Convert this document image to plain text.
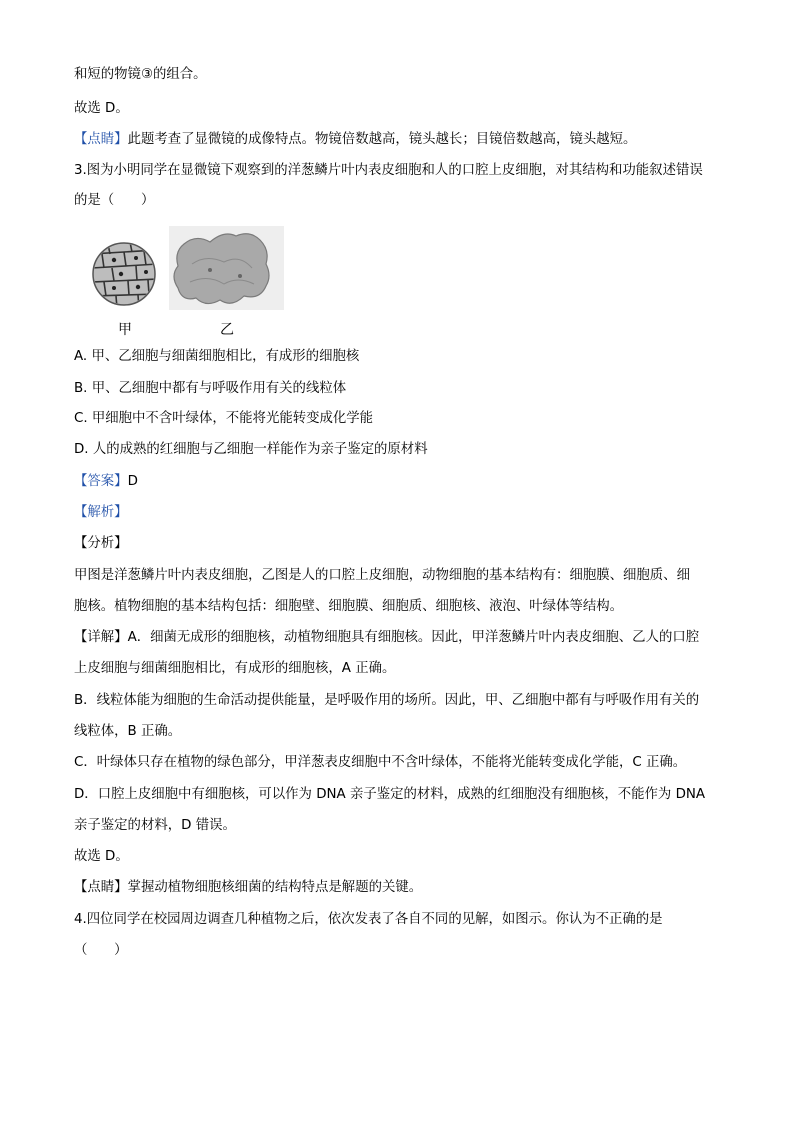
和短的物镜③的组合。
故选 D。
【点睛】此题考查了显微镜的成像特点。物镜倍数越高，镜头越长；目镜倍数越高，镜头越短。
3.图为小明同学在显微镜下观察到的洋葱鳞片叶内表皮细胞和人的口腔上皮细胞，对其结构和功能叙述错误
的是（　　）
甲	乙
A. 甲、乙细胞与细菌细胞相比，有成形的细胞核
B. 甲、乙细胞中都有与呼吸作用有关的线粒体
C. 甲细胞中不含叶绿体，不能将光能转变成化学能
D. 人的成熟的红细胞与乙细胞一样能作为亲子鉴定的原材料
【答案】D
【解析】
【分析】
甲图是洋葱鳞片叶内表皮细胞，乙图是人的口腔上皮细胞，动物细胞的基本结构有：细胞膜、细胞质、细
胞核。植物细胞的基本结构包括：细胞壁、细胞膜、细胞质、细胞核、液泡、叶绿体等结构。
【详解】A．细菌无成形的细胞核，动植物细胞具有细胞核。因此，甲洋葱鳞片叶内表皮细胞、乙人的口腔
上皮细胞与细菌细胞相比，有成形的细胞核，A 正确。
B．线粒体能为细胞的生命活动提供能量，是呼吸作用的场所。因此，甲、乙细胞中都有与呼吸作用有关的
线粒体，B 正确。
C．叶绿体只存在植物的绿色部分，甲洋葱表皮细胞中不含叶绿体，不能将光能转变成化学能，C 正确。
D．口腔上皮细胞中有细胞核，可以作为 DNA 亲子鉴定的材料，成熟的红细胞没有细胞核，不能作为 DNA
亲子鉴定的材料，D 错误。
故选 D。
【点睛】掌握动植物细胞核细菌的结构特点是解题的关键。
4.四位同学在校园周边调查几种植物之后，依次发表了各自不同的见解，如图示。你认为不正确的是
（　　）
